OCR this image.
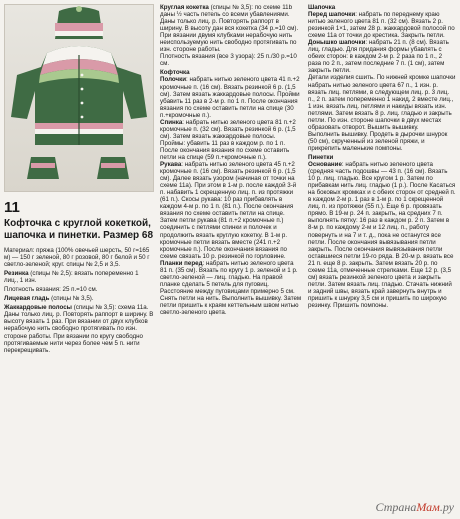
11
Кофточка с круглой кокеткой, шапочка и пинетки. Размер 68

Материал: пряжа (100% овечьей шерсть, 50 г=165 м) — 150 г зеленой, 80 г розовой, 80 г белой и 50 г светло-зеленой; круг. спицы № 2,5 и 3,5.

Резинка (спицы № 2,5): вязать попеременно 1 лиц., 1 изн.

Плотность вязания: 25 п.=10 см.

Лицевая гладь (спицы № 3,5).

Жаккардовые полосы (спицы № 3,5): схема 11а. Даны только лиц. р. Повторять раппорт в ширину. В высоту вязать 1 раз. При вязании от двух клубков нерабочую нить свободно протягивать по изн. стороне работы. При вязании по кругу свободно протягиваемые нити через более чем 5 п. нити перекрещивать.

Круглая кокетка (спицы № 3,5): по схеме 11b даны ½ часть петель со всеми убавлениями. Даны только лиц. р. Повторять раппорт в ширину. В высоту дан вся кокетка (34 р.=10 см). При вязании двумя клубками нерабочую нить неиспользуемую нить свободно протягивать по изн. стороне работы.

Плотность вязания (все 3 узора): 25 п./30 р.=10 см.

Кофточка

Полочки: набрать нитью зеленого цвета 41 п.+2 кромочные п. (16 см). Вязать резинкой 6 р. (1,5 см). Затем вязать жаккардовые полосы. Пройми убавить 11 раз в 2-м р. по 1 п. После окончания вязания по схеме оставить петли на спице (30 п.+кромочные п.).

Спинка: набрать нитью зеленого цвета 81 п.+2 кромочные п. (32 см). Вязать резинкой 6 р. (1,5 см). Затем вязать жаккардовые полосы. Проймы: убавить 11 раз в каждом р. по 1 п. После окончания вязания по схеме оставить петли на спице (59 п.+кромочные п.).

Рукава: набрать нитью зеленого цвета 45 п.+2 кромочные п. (16 см). Вязать резинкой 6 р. (1,5 см). Далее вязать узором (начиная от точки на схеме 11а). При этом в 1-м р. после каждой 3-й п. набавить 1 скрещенную лиц. п. из протяжки (61 п.). Скосы рукава: 10 раз прибавлять в каждом 4-м р. по 1 п. (81 п.). После окончания вязания по схеме оставить петли на спице. Затем петли рукава (81 п.+2 кромочные п.) соединить с петлями спинки и полочек и продолжить вязать круглую кокетку. В 1-м р. кромочные петли вязать вместе (241 п.+2 кромочные п.). После окончания вязания по схеме связать 10 р. резинкой по горловине.

Планки перед: набрать нитью зеленого цвета 81 п. (35 см). Вязать по кругу 1 р. зеленой и 1 р. светло-зеленой — лиц. гладью. На правой планке сделать 5 петель для пуговиц. Расстояние между пуговицами примерно 5 см. Снять петли на нить. Выполнить вышивку. Затем петли пришить к краям кеттельным швом нитью светло-зеленого цвета.

Шапочка

Перед шапочки: набрать по переднему краю нитью зеленого цвета 81 п. (32 см). Вязать 2 р. резинкой 1×1, затем 28 р. жаккардовой полосой по схеме 11а от точки до крестика. Закрыть петли.

Донышко шапочки: набрать 21 п. (8 см). Вязать лиц. гладью. Для придания формы убавлять с обеих сторон: в каждом 2-м р. 2 раза по 1 п., 2 раза по 2 п., затем последние 7 п. (1 см), затем закрыть петли.

Детали изделия сшить. По нижней кромке шапочки набрать нитью зеленого цвета 67 п., 1 изн. р. вязать лиц. петлями, в следующем лиц. р. 3 лиц. п., 2 п. затем попеременно 1 накид, 2 вместе лиц., 1 изн. вязать лиц. петлями и накиды вязать изн. петлями. Затем вязать 8 р. лиц. гладью и закрыть петли. По изн. стороне шапочки в двух местах образовать отворот. Вышить вышивку.

Выполнить вышивку. Продеть в дырочки шнурок (50 см), скрученный из зеленой пряжи, и прикрепить маленькие помпоны.

Пинетки

Основание: набрать нитью зеленого цвета (средняя часть подошвы — 43 п. (16 см). Вязать 10 р. лиц. гладью. Все кругом 1 р. Затем по прибавкам нить лиц. гладью (1 р.). После Касаться на боковых кромках и с обеих сторон от средней п. в каждом 2-м р. 1 раз в 1-м р. по 1 скрещенной лиц. п. из протяжки (55 п.). Еще 6 р. провязать прямо. В 19-м р. 24 п. закрыть, на средних 7 п. выполнять пятку: 16 раз в каждом р. 2 п. Затем в 8-м р. по каждому 2-м и 12 лиц. п., работу повернуть и на 7 и т. д., пока не останутся все петли. После окончания вывязывания петли закрыть. После окончания вывязывания петли оставшиеся петли 19-го ряда. В 20-м р. вязать все 21 п. еще 8 р. закрыть. Затем вязать 20 р. по схеме 11а, отмеченные стрелками. Еще 12 р. (3,5 см) вязать резинкой зеленого цвета и закрыть петли. Затем вязать лиц. гладью. Стачать нижний и задний швы, вязать край завернуть внутрь и пришить к шнурку 3,5 см и пришить по широкую резинку. Пришить помпоны.

СтранаМам.ру
